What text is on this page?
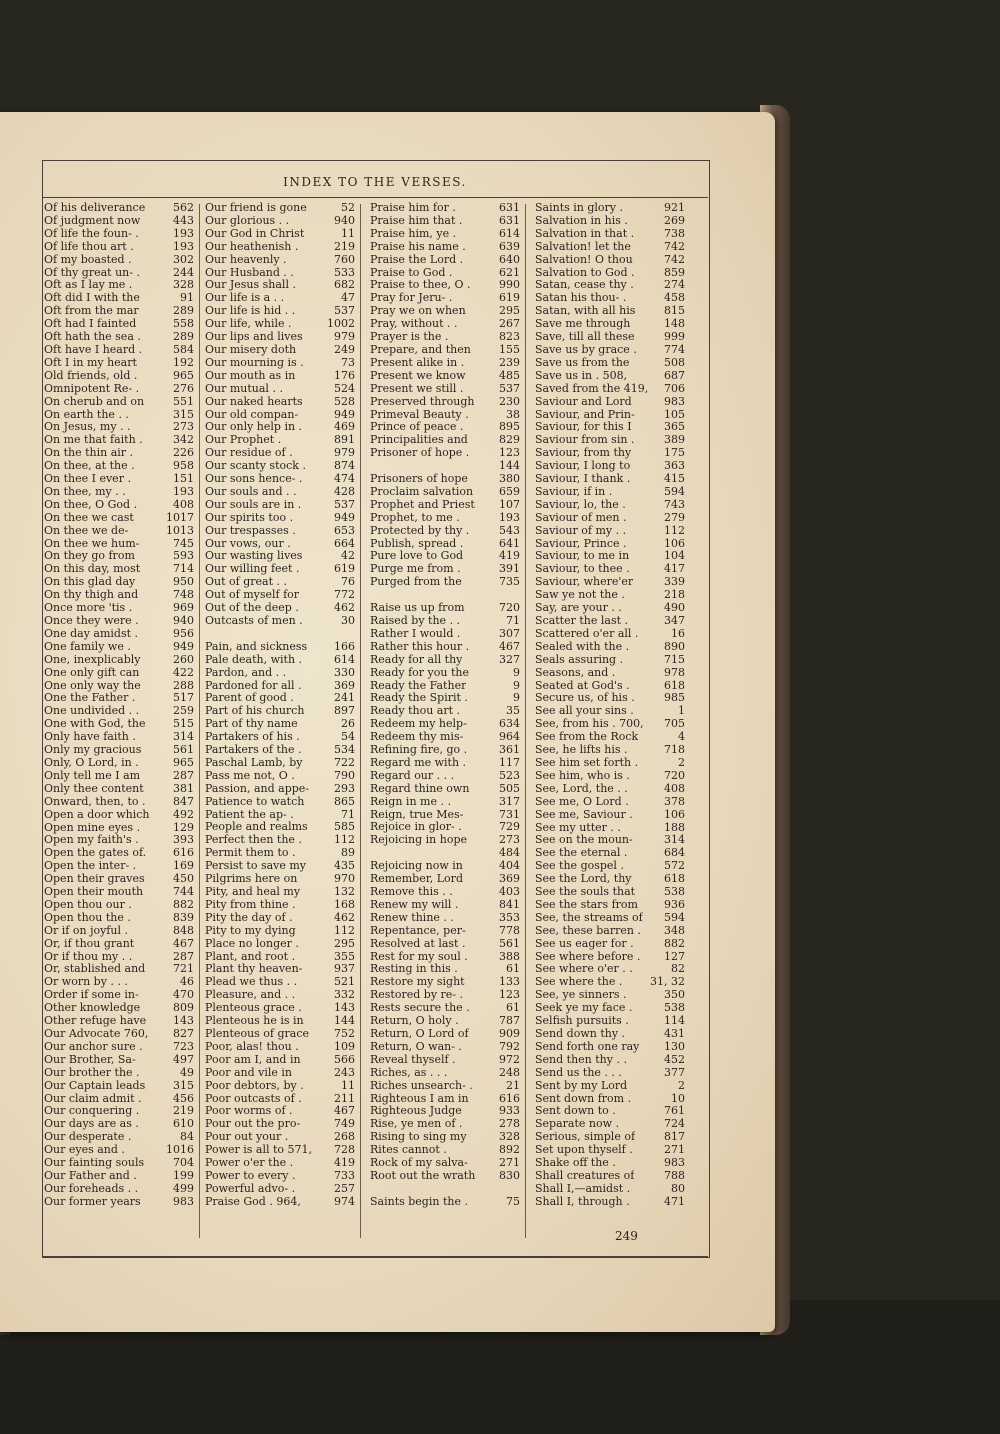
INDEX TO THE VERSES.
Of his deliverance	562
Of judgment now	443
Of life the foun- .	193
Of life thou art .	193
Of my boasted .	302
Of thy great un- .	244
Oft as I lay me .	328
Oft did I with the	91
Oft from the mar	289
Oft had I fainted	558
Oft hath the sea .	289
Oft have I heard .	584
Oft I in my heart	192
Old friends, old .	965
Omnipotent Re- .	276
On cherub and on	551
On earth the . .	315
On Jesus, my . .	273
On me that faith .	342
On the thin air .	226
On thee, at the .	958
On thee I ever .	151
On thee, my . .	193
On thee, O God .	408
On thee we cast	1017
On thee we de-	1013
On thee we hum-	745
On they go from	593
On this day, most	714
On this glad day	950
On thy thigh and	748
Once more 'tis .	969
Once they were .	940
One day amidst .	956
One family we .	949
One, inexplicably	260
One only gift can	422
One only way the	288
One the Father .	517
One undivided . .	259
One with God, the 515
Only have faith .	314
Only my gracious	561
Only, O Lord, in .	965
Only tell me I am	287
Only thee content	381
Onward, then, to .	847
Open a door which 492
Open mine eyes .	129
Open my faith's .	393
Open the gates of. 616
Open the inter- .	169
Open their graves	450
Open their mouth	744
Open thou our .	882
Open thou the .	839
Or if on joyful .	848
Or, if thou grant	467
Or if thou my . .	287
Or, stablished and	721
Or worn by . . .	46
Order if some in-	470
Other knowledge	809
Other refuge have 143
Our Advocate 760, 827
Our anchor sure .	723
Our Brother, Sa-	497
Our brother the .	49
Our Captain leads	315
Our claim admit .	456
Our conquering .	219
Our days are as .	610
Our desperate .	84
Our eyes and .	1016
Our fainting souls	704
Our Father and .	199
Our foreheads . .	499
Our former years	983
Our friend is gone	52
Our glorious . .	940
Our God in Christ	11
Our heathenish .	219
Our heavenly .	760
Our Husband . .	533
Our Jesus shall .	682
Our life is a . .	47
Our life is hid . .	537
Our life, while .	1002
Our lips and lives	979
Our misery doth	249
Our mourning is .	73
Our mouth as in	176
Our mutual . .	524
Our naked hearts	528
Our old compan-	949
Our only help in .	469
Our Prophet .	891
Our residue of .	979
Our scanty stock .	874
Our sons hence- .	474
Our souls and . .	428
Our souls are in .	537
Our spirits too .	949
Our trespasses .	653
Our vows, our .	664
Our wasting lives	42
Our willing feet .	619
Out of great . .	76
Out of myself for	772
Out of the deep .	462
Outcasts of men .	30
Pain, and sickness 166
Pale death, with .	614
Pardon, and . .	330
Pardoned for all .	369
Parent of good .	241
Part of his church	897
Part of thy name	26
Partakers of his .	54
Partakers of the .	534
Paschal Lamb, by	722
Pass me not, O .	790
Passion, and appe- 293
Patience to watch	865
Patient the ap- .	71
People and realms 585
Perfect then the .	112
Permit them to .	89
Persist to save my	435
Pilgrims here on	970
Pity, and heal my	132
Pity from thine .	168
Pity the day of .	462
Pity to my dying	112
Place no longer .	295
Plant, and root .	355
Plant thy heaven-	937
Plead we thus . .	521
Pleasure, and . .	332
Plenteous grace .	143
Plenteous he is in	144
Plenteous of grace 752
Poor, alas! thou .	109
Poor am I, and in	566
Poor and vile in	243
Poor debtors, by .	11
Poor outcasts of .	211
Poor worms of .	467
Pour out the pro-	749
Pour out your .	268
Power is all to 571, 728
Power o'er the .	419
Power to every .	733
Powerful advo- .	257
Praise God . 964,	974
Praise him for .	631
Praise him that .	631
Praise him, ye .	614
Praise his name .	639
Praise the Lord .	640
Praise to God .	621
Praise to thee, O .	990
Pray for Jeru- .	619
Pray we on when	295
Pray, without . .	267
Prayer is the .	823
Prepare, and then	155
Present alike in .	239
Present we know	485
Present we still .	537
Preserved through 230
Primeval Beauty .	38
Prince of peace .	895
Principalities and	829
Prisoner of hope .	123
144
Prisoners of hope	380
Proclaim salvation 659
Prophet and Priest 107
Prophet, to me .	193
Protected by thy .	543
Publish, spread .	641
Pure love to God	419
Purge me from .	391
Purged from the	735
Raise us up from	720
Raised by the . .	71
Rather I would .	307
Rather this hour .	467
Ready for all thy	327
Ready for you the	9
Ready the Father	9
Ready the Spirit .	9
Ready thou art .	35
Redeem my help-	634
Redeem thy mis-	964
Refining fire, go .	361
Regard me with .	117
Regard our . . .	523
Regard thine own	505
Reign in me . .	317
Reign, true Mes-	731
Rejoice in glor- .	729
Rejoicing in hope	273
484
Rejoicing now in	404
Remember, Lord	369
Remove this . .	403
Renew my will .	841
Renew thine . .	353
Repentance, per-	778
Resolved at last .	561
Rest for my soul .	388
Resting in this .	61
Restore my sight	133
Restored by re- .	123
Rests secure the .	61
Return, O holy .	787
Return, O Lord of	909
Return, O wan- .	792
Reveal thyself .	972
Riches, as . . .	248
Riches unsearch- .	21
Righteous I am in	616
Righteous Judge	933
Rise, ye men of .	278
Rising to sing my	328
Rites cannot .	892
Rock of my salva-	271
Root out the wrath 830
Saints begin the .	75
Saints in glory .	921
Salvation in his .	269
Salvation in that .	738
Salvation! let the	742
Salvation! O thou	742
Salvation to God .	859
Satan, cease thy .	274
Satan his thou- .	458
Satan, with all his	815
Save me through	148
Save, till all these	999
Save us by grace . 774
Save us from the	508
Save us in . 508,	687
Saved from the 419, 706
Saviour and Lord	983
Saviour, and Prin-	105
Saviour, for this I	365
Saviour from sin .	389
Saviour, from thy	175
Saviour, I long to	363
Saviour, I thank .	415
Saviour, if in .	594
Saviour, lo, the .	743
Saviour of men .	279
Saviour of my . .	112
Saviour, Prince .	106
Saviour, to me in	104
Saviour, to thee .	417
Saviour, where'er	339
Saw ye not the .	218
Say, are your . .	490
Scatter the last .	347
Scattered o'er all .	16
Sealed with the .	890
Seals assuring .	715
Seasons, and .	978
Seated at God's .	618
Secure us, of his .	985
See all your sins .	1
See, from his . 700, 705
See from the Rock	4
See, he lifts his .	718
See him set forth .	2
See him, who is .	720
See, Lord, the . .	408
See me, O Lord .	378
See me, Saviour .	106
See my utter . .	188
See on the moun-	314
See the eternal .	684
See the gospel .	572
See the Lord, thy	618
See the souls that	538
See the stars from 936
See, the streams of 594
See, these barren . 348
See us eager for .	882
See where before . 127
See where o'er . .	82
See where the .	31, 32
See, ye sinners .	350
Seek ye my face .	538
Selfish pursuits .	114
Send down thy .	431
Send forth one ray 130
Send then thy . .	452
Send us the . . .	377
Sent by my Lord	2
Sent down from .	10
Sent down to .	761
Separate now .	724
Serious, simple of	817
Set upon thyself .	271
Shake off the .	983
Shall creatures of	788
Shall I,—amidst .	80
Shall I, through .	471
249
